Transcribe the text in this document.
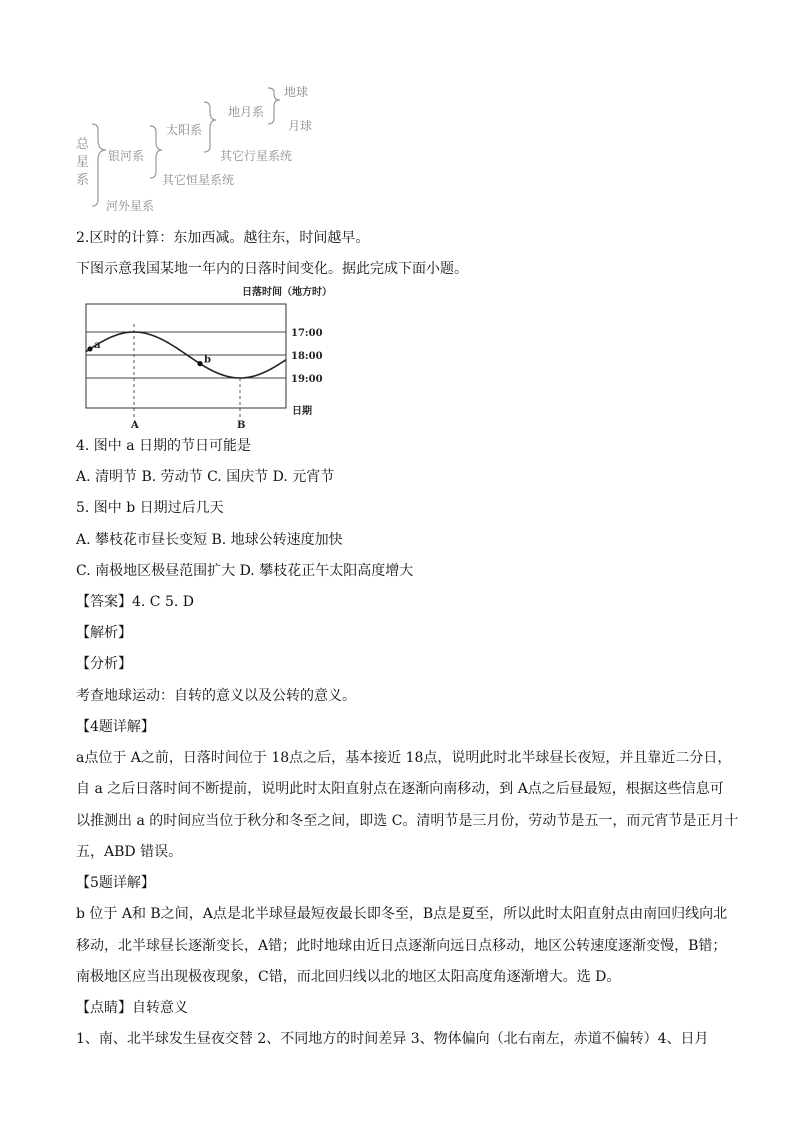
总
星
系
银河系
太阳系
地月系
地球
月球
其它行星系统
其它恒星系统
河外星系
2.区时的计算：东加西减。越往东，时间越早。
下图示意我国某地一年内的日落时间变化。据此完成下面小题。
日落时间（地方时）
17:00
18:00
19:00
A	B
a
b
日期
4. 图中 a 日期的节日可能是
A. 清明节 B. 劳动节 C. 国庆节 D. 元宵节
5. 图中 b 日期过后几天
A. 攀枝花市昼长变短 B. 地球公转速度加快
C. 南极地区极昼范围扩大 D. 攀枝花正午太阳高度增大
【答案】4. C 5. D
【解析】
【分析】
考查地球运动：自转的意义以及公转的意义。
【4题详解】
a点位于 A之前，日落时间位于 18点之后，基本接近 18点，说明此时北半球昼长夜短，并且靠近二分日，
自 a 之后日落时间不断提前，说明此时太阳直射点在逐渐向南移动，到 A点之后昼最短，根据这些信息可
以推测出 a 的时间应当位于秋分和冬至之间，即选 C。清明节是三月份，劳动节是五一，而元宵节是正月十
五，ABD 错误。
【5题详解】
b 位于 A和 B之间，A点是北半球昼最短夜最长即冬至，B点是夏至，所以此时太阳直射点由南回归线向北
移动，北半球昼长逐渐变长，A错；此时地球由近日点逐渐向远日点移动，地区公转速度逐渐变慢，B错；
南极地区应当出现极夜现象，C错，而北回归线以北的地区太阳高度角逐渐增大。选 D。
【点睛】自转意义
1、南、北半球发生昼夜交替 2、不同地方的时间差异 3、物体偏向（北右南左，赤道不偏转）4、日月
